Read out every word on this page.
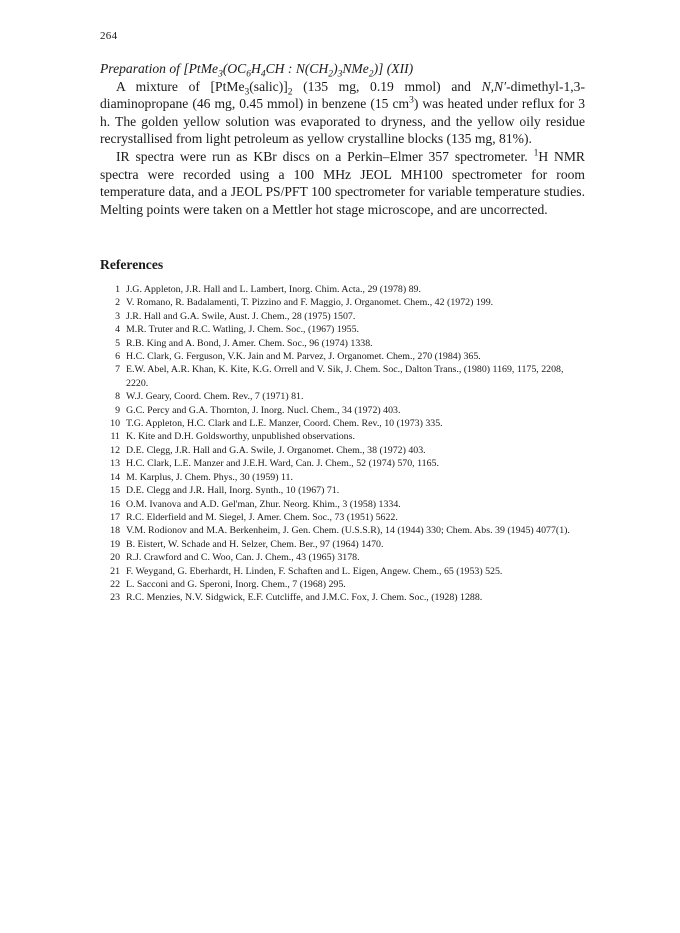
264

Preparation of [$PtMe_3(OC_6H_4CH$ : $N(CH_2)_3NMe_2$)] (XII)

A mixture of $[PtMe_3(salic)]_2$ (135 mg, 0.19 mmol) and N,N′-dimethyl-1,3-diaminopropane (46 mg, 0.45 mmol) in benzene (15 $cm^3$) was heated under reflux for 3 h. The golden yellow solution was evaporated to dryness, and the yellow oily residue recrystallised from light petroleum as yellow crystalline blocks (135 mg, 81%).

IR spectra were run as KBr discs on a Perkin–Elmer 357 spectrometer. $^1$H NMR spectra were recorded using a 100 MHz JEOL MH100 spectrometer for room temperature data, and a JEOL PS/PFT 100 spectrometer for variable temperature studies. Melting points were taken on a Mettler hot stage microscope, and are uncorrected.

References
1 J.G. Appleton, J.R. Hall and L. Lambert, Inorg. Chim. Acta., 29 (1978) 89.
2 V. Romano, R. Badalamenti, T. Pizzino and F. Maggio, J. Organomet. Chem., 42 (1972) 199.
3 J.R. Hall and G.A. Swile, Aust. J. Chem., 28 (1975) 1507.
4 M.R. Truter and R.C. Watling, J. Chem. Soc., (1967) 1955.
5 R.B. King and A. Bond, J. Amer. Chem. Soc., 96 (1974) 1338.
6 H.C. Clark, G. Ferguson, V.K. Jain and M. Parvez, J. Organomet. Chem., 270 (1984) 365.
7 E.W. Abel, A.R. Khan, K. Kite, K.G. Orrell and V. Sik, J. Chem. Soc., Dalton Trans., (1980) 1169, 1175, 2208, 2220.
8 W.J. Geary, Coord. Chem. Rev., 7 (1971) 81.
9 G.C. Percy and G.A. Thornton, J. Inorg. Nucl. Chem., 34 (1972) 403.
10 T.G. Appleton, H.C. Clark and L.E. Manzer, Coord. Chem. Rev., 10 (1973) 335.
11 K. Kite and D.H. Goldsworthy, unpublished observations.
12 D.E. Clegg, J.R. Hall and G.A. Swile, J. Organomet. Chem., 38 (1972) 403.
13 H.C. Clark, L.E. Manzer and J.E.H. Ward, Can. J. Chem., 52 (1974) 570, 1165.
14 M. Karplus, J. Chem. Phys., 30 (1959) 11.
15 D.E. Clegg and J.R. Hall, Inorg. Synth., 10 (1967) 71.
16 O.M. Ivanova and A.D. Gel'man, Zhur. Neorg. Khim., 3 (1958) 1334.
17 R.C. Elderfield and M. Siegel, J. Amer. Chem. Soc., 73 (1951) 5622.
18 V.M. Rodionov and M.A. Berkenheim, J. Gen. Chem. (U.S.S.R), 14 (1944) 330; Chem. Abs. 39 (1945) 4077(1).
19 B. Eistert, W. Schade and H. Selzer, Chem. Ber., 97 (1964) 1470.
20 R.J. Crawford and C. Woo, Can. J. Chem., 43 (1965) 3178.
21 F. Weygand, G. Eberhardt, H. Linden, F. Schaften and L. Eigen, Angew. Chem., 65 (1953) 525.
22 L. Sacconi and G. Speroni, Inorg. Chem., 7 (1968) 295.
23 R.C. Menzies, N.V. Sidgwick, E.F. Cutcliffe, and J.M.C. Fox, J. Chem. Soc., (1928) 1288.
